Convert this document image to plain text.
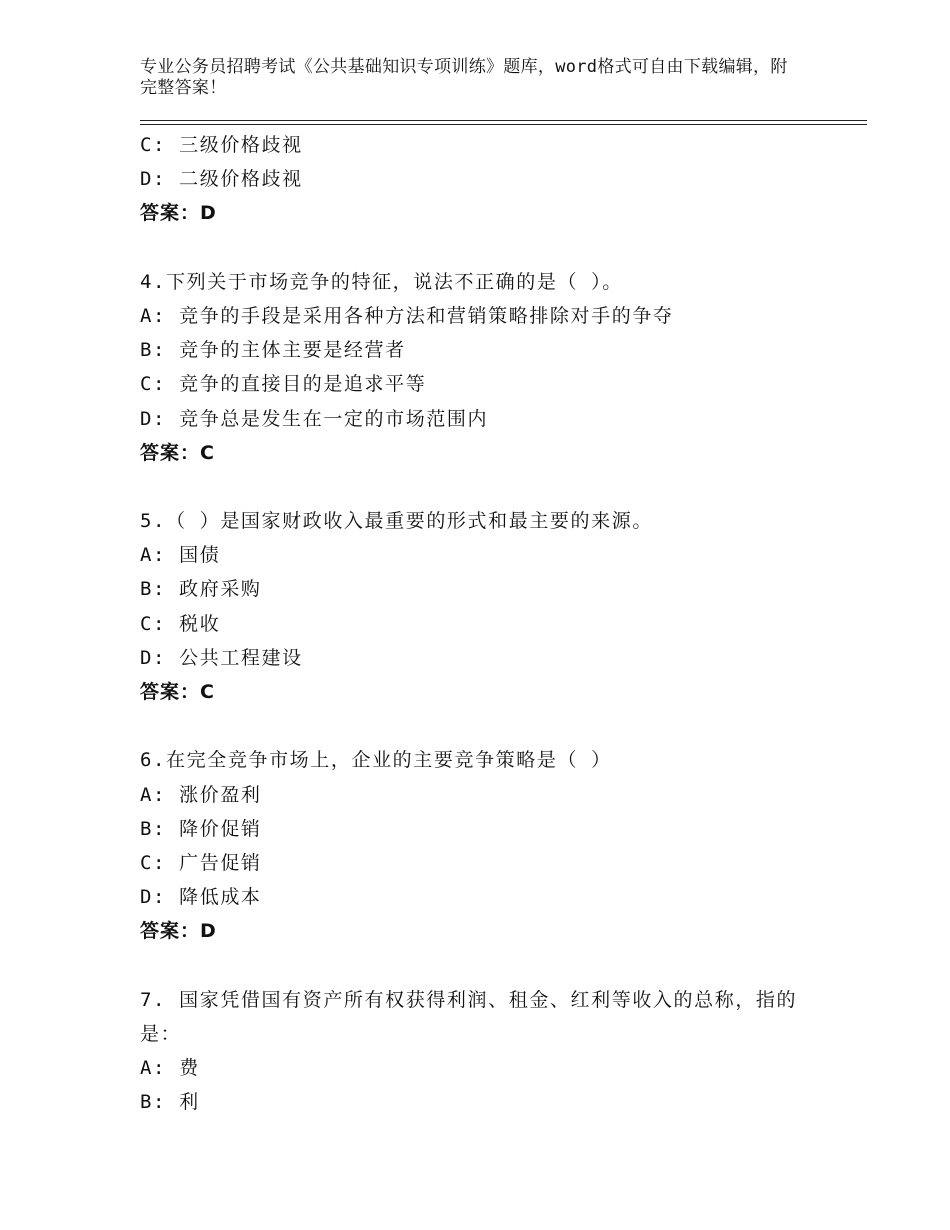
专业公务员招聘考试《公共基础知识专项训练》题库，word格式可自由下载编辑，附完整答案！
C: 三级价格歧视
D: 二级价格歧视
答案：D
4.下列关于市场竞争的特征，说法不正确的是（ ）。
A: 竞争的手段是采用各种方法和营销策略排除对手的争夺
B: 竞争的主体主要是经营者
C: 竞争的直接目的是追求平等
D: 竞争总是发生在一定的市场范围内
答案：C
5.（ ）是国家财政收入最重要的形式和最主要的来源。
A: 国债
B: 政府采购
C: 税收
D: 公共工程建设
答案：C
6.在完全竞争市场上，企业的主要竞争策略是（ ）
A: 涨价盈利
B: 降价促销
C: 广告促销
D: 降低成本
答案：D
7. 国家凭借国有资产所有权获得利润、租金、红利等收入的总称，指的是：
A: 费
B: 利
